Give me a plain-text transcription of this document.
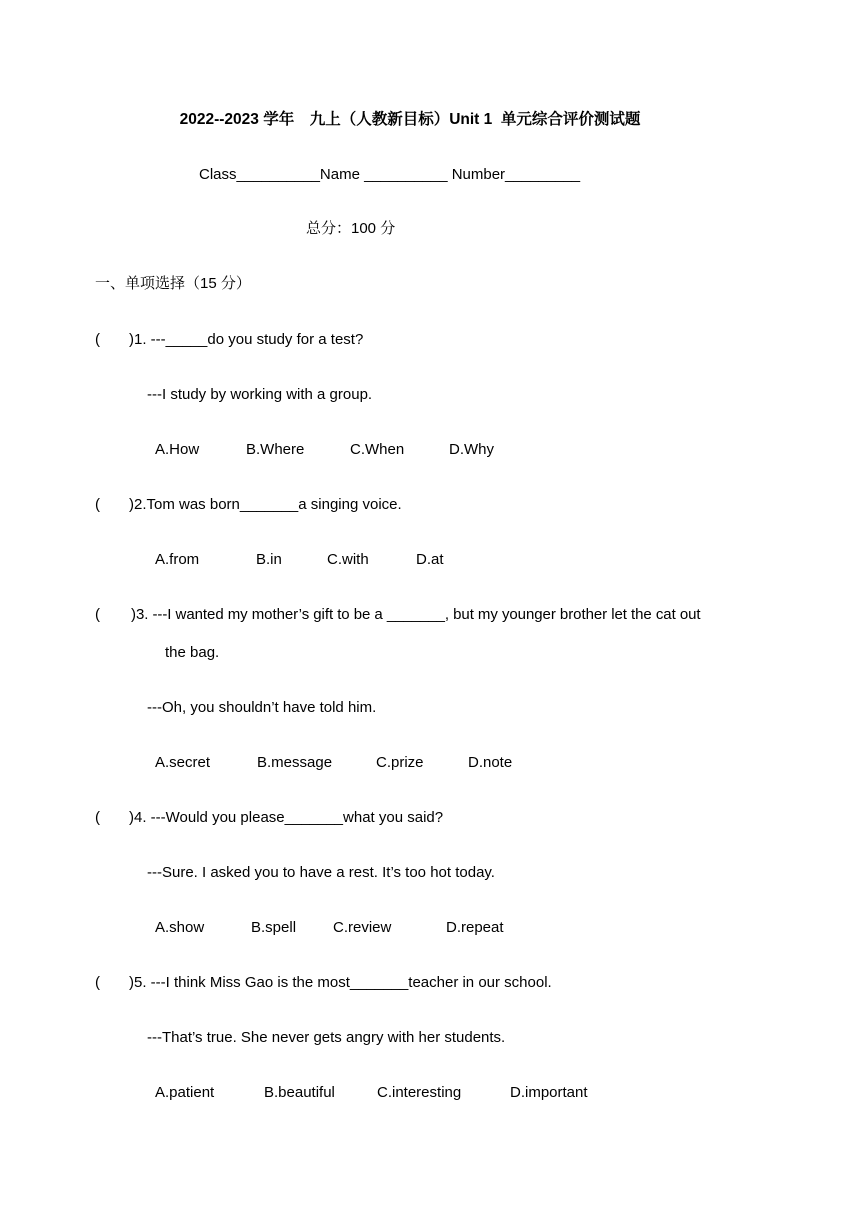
2022--2023 学年　九上（人教新目标）Unit 1  单元综合评价测试题
Class__________Name __________ Number_________
总分：100 分
一、单项选择（15 分）
( )1. ---_____do you study for a test?
---I study by working with a group.
A.How	B.Where	C.When	D.Why
( )2.Tom was born_______a singing voice.
A.from	B.in	C.with	D.at
( )3. ---I wanted my mother’s gift to be a _______, but my younger brother let the cat out
the bag.
---Oh, you shouldn’t have told him.
A.secret	B.message	C.prize	D.note
( )4. ---Would you please_______what you said?
---Sure. I asked you to have a rest. It’s too hot today.
A.show	B.spell C.review	D.repeat
( )5. ---I think Miss Gao is the most_______teacher in our school.
---That’s true. She never gets angry with her students.
A.patient	B.beautiful	C.interesting	D.important
